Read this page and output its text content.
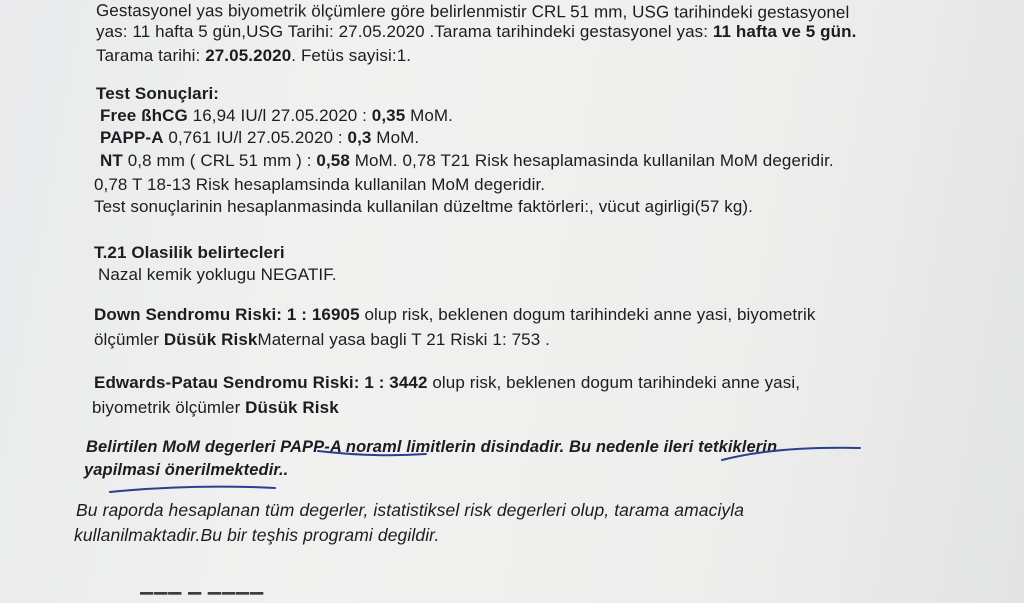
Gestasyonel yas biyometrik ölçümlere göre belirlenmistir CRL 51 mm, USG tarihindeki gestasyonel
yas: 11 hafta 5 gün,USG Tarihi: 27.05.2020 .Tarama tarihindeki gestasyonel yas: 11 hafta ve 5 gün.
Tarama tarihi: 27.05.2020. Fetüs sayisi:1.
Test Sonuçlari:
Free ßhCG 16,94 IU/l 27.05.2020 : 0,35 MoM.
PAPP-A 0,761 IU/l 27.05.2020 : 0,3 MoM.
NT 0,8 mm ( CRL 51 mm ) : 0,58 MoM. 0,78 T21 Risk hesaplamasinda kullanilan MoM degeridir.
0,78 T 18-13 Risk hesaplamsinda kullanilan MoM degeridir.
Test sonuçlarinin hesaplanmasinda kullanilan düzeltme faktörleri:, vücut agirligi(57 kg).
T.21 Olasilik belirtecleri
Nazal kemik yoklugu NEGATIF.
Down Sendromu Riski: 1 : 16905 olup risk, beklenen dogum tarihindeki anne yasi, biyometrik
ölçümler Düsük RiskMaternal yasa bagli T 21 Riski 1: 753 .
Edwards-Patau Sendromu Riski: 1 : 3442 olup risk, beklenen dogum tarihindeki anne yasi,
biyometrik ölçümler Düsük Risk
Belirtilen MoM degerleri PAPP-A noraml limitlerin disindadir. Bu nedenle ileri tetkiklerin
yapilmasi önerilmektedir..
Bu raporda hesaplanan tüm degerler, istatistiksel risk degerleri olup, tarama amaciyla
kullanilmaktadir.Bu bir teşhis programi degildir.
▔▔▔ ▔ ▔▔▔▔
